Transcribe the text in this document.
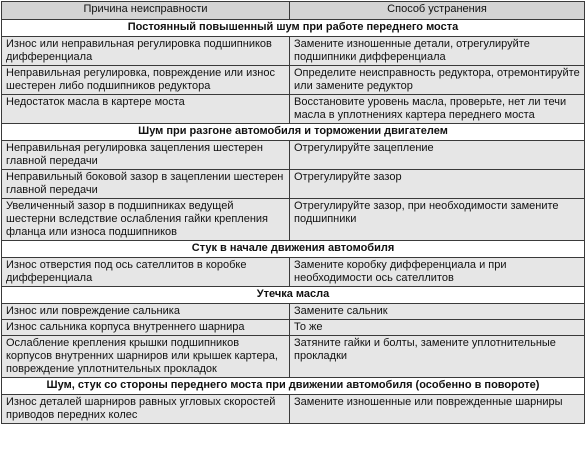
Причина неисправности	Способ устранения
Постоянный повышенный шум при работе переднего моста	
Износ или неправильная регулировка подшипников дифференциала	Замените изношенные детали, отрегулируйте подшипники дифференциала
Неправильная регулировка, повреждение или износ шестерен либо подшипников редуктора	Определите неисправность редуктора, отремонтируйте или замените редуктор
Недостаток масла в картере моста	Восстановите уровень масла, проверьте, нет ли течи масла в уплотнениях картера переднего моста
Шум при разгоне автомобиля и торможении двигателем	
Неправильная регулировка зацепления шестерен главной передачи	Отрегулируйте зацепление
Неправильный боковой зазор в зацеплении шестерен главной передачи	Отрегулируйте зазор
Увеличенный зазор в подшипниках ведущей шестерни вследствие ослабления гайки крепления фланца или износа подшипников	Отрегулируйте зазор, при необходимости замените подшипники
Стук в начале движения автомобиля	
Износ отверстия под ось сателлитов в коробке дифференциала	Замените коробку дифференциала и при необходимости ось сателлитов
Утечка масла	
Износ или повреждение сальника	Замените сальник
Износ сальника корпуса внутреннего шарнира	То же
Ослабление крепления крышки подшипников корпусов внутренних шарниров или крышек картера, повреждение уплотнительных прокладок	Затяните гайки и болты, замените уплотнительные прокладки
Шум, стук со стороны переднего моста при движении автомобиля (особенно в повороте)	
Износ деталей шарниров равных угловых скоростей приводов передних колес	Замените изношенные или поврежденные шарниры
